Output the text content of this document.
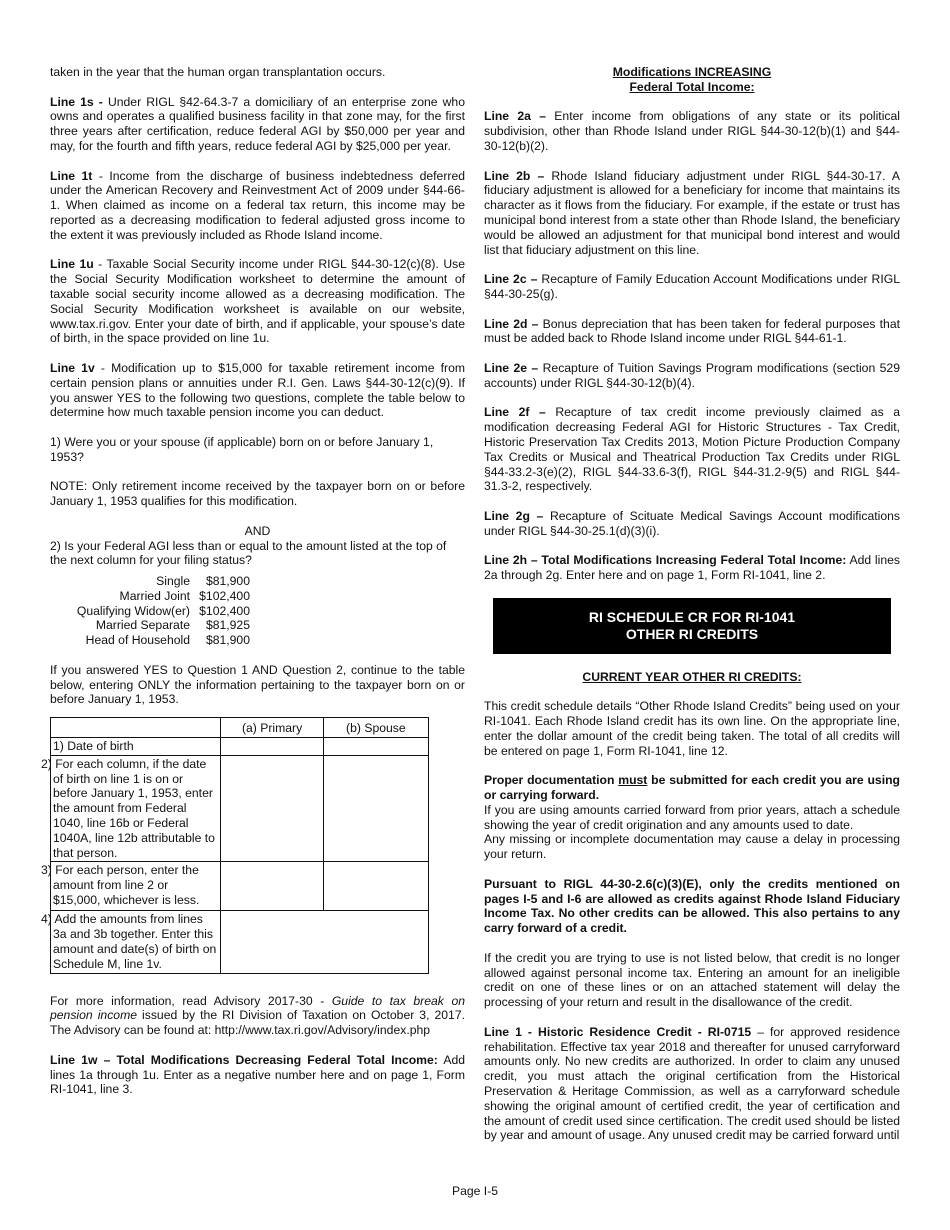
taken in the year that the human organ transplantation occurs.

Line 1s - Under RIGL §42-64.3-7 a domiciliary of an enterprise zone who owns and operates a qualified business facility in that zone may, for the first three years after certification, reduce federal AGI by $50,000 per year and may, for the fourth and fifth years, reduce federal AGI by $25,000 per year.

Line 1t - Income from the discharge of business indebtedness deferred under the American Recovery and Reinvestment Act of 2009 under §44-66-1. When claimed as income on a federal tax return, this income may be reported as a decreasing modification to federal adjusted gross income to the extent it was previously included as Rhode Island income.

Line 1u - Taxable Social Security income under RIGL §44-30-12(c)(8). Use the Social Security Modification worksheet to determine the amount of taxable social security income allowed as a decreasing modification. The Social Security Modification worksheet is available on our website, www.tax.ri.gov. Enter your date of birth, and if applicable, your spouse’s date of birth, in the space provided on line 1u.

Line 1v - Modification up to $15,000 for taxable retirement income from certain pension plans or annuities under R.I. Gen. Laws §44-30-12(c)(9). If you answer YES to the following two questions, complete the table below to determine how much taxable pension income you can deduct.

1) Were you or your spouse (if applicable) born on or before January 1, 1953?

NOTE: Only retirement income received by the taxpayer born on or before January 1, 1953 qualifies for this modification.

AND

2) Is your Federal AGI less than or equal to the amount listed at the top of the next column for your filing status?

Single	$81,900
Married Joint $102,400
Qualifying Widow(er) $102,400
Married Separate	$81,925
Head of Household	$81,900

If you answered YES to Question 1 AND Question 2, continue to the table below, entering ONLY the information pertaining to the taxpayer born on or before January 1, 1953.

	(a) Primary	(b) Spouse
1) Date of birth		
2) For each column, if the date of birth on line 1 is on or before January 1, 1953, enter the amount from Federal 1040, line 16b or Federal 1040A, line 12b attributable to that person.		
3) For each person, enter the amount from line 2 or $15,000, whichever is less.		
4) Add the amounts from lines 3a and 3b together. Enter this amount and date(s) of birth on Schedule M, line 1v.		

For more information, read Advisory 2017-30 - Guide to tax break on pension income issued by the RI Division of Taxation on October 3, 2017. The Advisory can be found at: http://www.tax.ri.gov/Advisory/index.php

Line 1w – Total Modifications Decreasing Federal Total Income: Add lines 1a through 1u. Enter as a negative number here and on page 1, Form RI-1041, line 3.

Modifications INCREASING
Federal Total Income:

Line 2a – Enter income from obligations of any state or its political subdivision, other than Rhode Island under RIGL §44-30-12(b)(1) and §44-30-12(b)(2).

Line 2b – Rhode Island fiduciary adjustment under RIGL §44-30-17. A fiduciary adjustment is allowed for a beneficiary for income that maintains its character as it flows from the fiduciary. For example, if the estate or trust has municipal bond interest from a state other than Rhode Island, the beneficiary would be allowed an adjustment for that municipal bond interest and would list that fiduciary adjustment on this line.

Line 2c – Recapture of Family Education Account Modifications under RIGL §44-30-25(g).

Line 2d – Bonus depreciation that has been taken for federal purposes that must be added back to Rhode Island income under RIGL §44-61-1.

Line 2e – Recapture of Tuition Savings Program modifications (section 529 accounts) under RIGL §44-30-12(b)(4).

Line 2f – Recapture of tax credit income previously claimed as a modification decreasing Federal AGI for Historic Structures - Tax Credit, Historic Preservation Tax Credits 2013, Motion Picture Production Company Tax Credits or Musical and Theatrical Production Tax Credits under RIGL §44-33.2-3(e)(2), RIGL §44-33.6-3(f), RIGL §44-31.2-9(5) and RIGL §44-31.3-2, respectively.

Line 2g – Recapture of Scituate Medical Savings Account modifications under RIGL §44-30-25.1(d)(3)(i).

Line 2h – Total Modifications Increasing Federal Total Income: Add lines 2a through 2g. Enter here and on page 1, Form RI-1041, line 2.

RI SCHEDULE CR FOR RI-1041
OTHER RI CREDITS
CURRENT YEAR OTHER RI CREDITS:

This credit schedule details “Other Rhode Island Credits” being used on your RI-1041. Each Rhode Island credit has its own line. On the appropriate line, enter the dollar amount of the credit being taken. The total of all credits will be entered on page 1, Form RI-1041, line 12.

Proper documentation must be submitted for each credit you are using or carrying forward.
If you are using amounts carried forward from prior years, attach a schedule showing the year of credit origination and any amounts used to date.
Any missing or incomplete documentation may cause a delay in processing your return.

Pursuant to RIGL 44-30-2.6(c)(3)(E), only the credits mentioned on pages I-5 and I-6 are allowed as credits against Rhode Island Fiduciary Income Tax. No other credits can be allowed. This also pertains to any carry forward of a credit.

If the credit you are trying to use is not listed below, that credit is no longer allowed against personal income tax. Entering an amount for an ineligible credit on one of these lines or on an attached statement will delay the processing of your return and result in the disallowance of the credit.

Line 1 - Historic Residence Credit - RI-0715 – for approved residence rehabilitation. Effective tax year 2018 and thereafter for unused carryforward amounts only. No new credits are authorized. In order to claim any unused credit, you must attach the original certification from the Historical Preservation & Heritage Commission, as well as a carryforward schedule showing the original amount of certified credit, the year of certification and the amount of credit used since certification. The credit used should be listed by year and amount of usage. Any unused credit may be carried forward until

Page I-5
